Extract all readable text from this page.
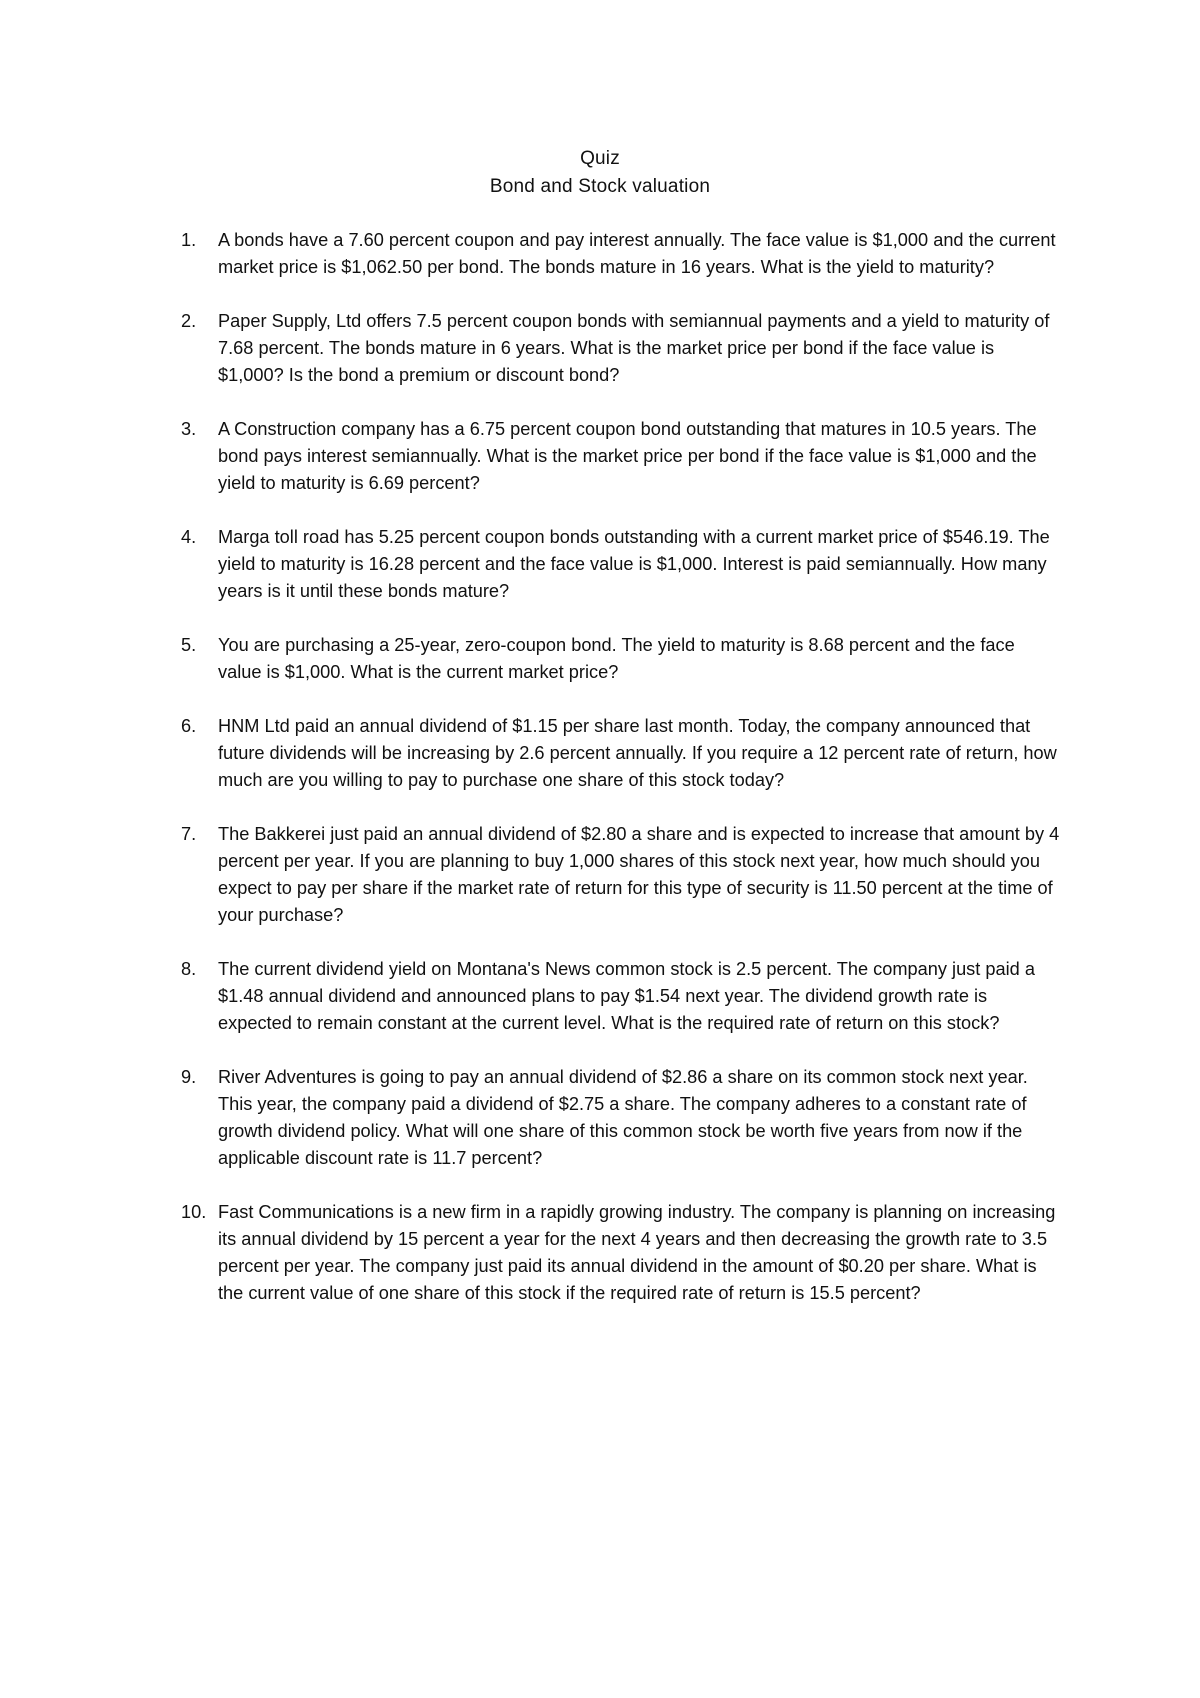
Quiz
Bond and Stock valuation
1.	A bonds have a 7.60 percent coupon and pay interest annually. The face value is $1,000 and the current market price is $1,062.50 per bond. The bonds mature in 16 years. What is the yield to maturity?
2.	Paper Supply, Ltd offers 7.5 percent coupon bonds with semiannual payments and a yield to maturity of 7.68 percent. The bonds mature in 6 years. What is the market price per bond if the face value is $1,000? Is the bond a premium or discount bond?
3.	A Construction company has a 6.75 percent coupon bond outstanding that matures in 10.5 years. The bond pays interest semiannually. What is the market price per bond if the face value is $1,000 and the yield to maturity is 6.69 percent?
4.	Marga toll road has 5.25 percent coupon bonds outstanding with a current market price of $546.19. The yield to maturity is 16.28 percent and the face value is $1,000. Interest is paid semiannually. How many years is it until these bonds mature?
5.	You are purchasing a 25-year, zero-coupon bond. The yield to maturity is 8.68 percent and the face value is $1,000. What is the current market price?
6.	HNM Ltd paid an annual dividend of $1.15 per share last month. Today, the company announced that future dividends will be increasing by 2.6 percent annually. If you require a 12 percent rate of return, how much are you willing to pay to purchase one share of this stock today?
7.	The Bakkerei just paid an annual dividend of $2.80 a share and is expected to increase that amount by 4 percent per year. If you are planning to buy 1,000 shares of this stock next year, how much should you expect to pay per share if the market rate of return for this type of security is 11.50 percent at the time of your purchase?
8.	The current dividend yield on Montana's News common stock is 2.5 percent. The company just paid a $1.48 annual dividend and announced plans to pay $1.54 next year. The dividend growth rate is expected to remain constant at the current level. What is the required rate of return on this stock?
9.	River Adventures is going to pay an annual dividend of $2.86 a share on its common stock next year. This year, the company paid a dividend of $2.75 a share. The company adheres to a constant rate of growth dividend policy. What will one share of this common stock be worth five years from now if the applicable discount rate is 11.7 percent?
10. Fast Communications is a new firm in a rapidly growing industry. The company is planning on increasing its annual dividend by 15 percent a year for the next 4 years and then decreasing the growth rate to 3.5 percent per year. The company just paid its annual dividend in the amount of $0.20 per share. What is the current value of one share of this stock if the required rate of return is 15.5 percent?
